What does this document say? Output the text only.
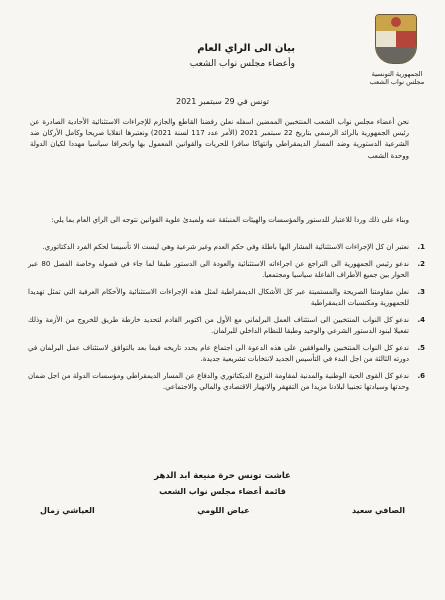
الجمهورية التونسية
مجلس نواب الشعب
بيان الى الراي العام
وأعضاء مجلس نواب الشعب
تونس في 29 سبتمبر 2021

نحن أعضاء مجلس نواب الشعب المنتخبين الممضين اسفله نعلن رفضنا القاطع والجازم للإجراءات الاستثنائية الأحادية الصادرة عن رئيس الجمهورية بالرائد الرسمي بتاريخ 22 سبتمبر 2021 (الأمر عدد 117 لسنة 2021) ونعتبرها انقلابا صريحا وكامل الأركان ضد الشرعية الدستورية وضد المسار الديمقراطي وانتهاكا سافرا للحريات والقوانين المعمول بها وانحرافا سياسيا مهددا لكيان الدولة ووحدة الشعب

وبناء على ذلك وردا للاعتبار للدستور والمؤسسات والهيئات المنبثقة عنه ولمبدئ علوية القوانين نتوجه الى الراي العام بما يلي:

1.
نعتبر ان كل الإجراءات الاستثنائية المشار اليها باطلة وفي حكم العدم وغير شرعية وهي ليست الا تأسيسا لحكم الفرد الدكتاتوري.
2.
ندعو رئيس الجمهورية الى التراجع عن اجراءاته الاستثنائية والعودة الى الدستور طبقا لما جاء في فصوله وخاصة الفصل 80 عبر الحوار بين جميع الأطراف الفاعلة سياسيا ومجتمعيا.
3.
نعلن مقاومتنا الصريحة والمستميتة عبر كل الأشكال الديمقراطية لمثل هذه الإجراءات الاستثنائية والأحكام العرفية التي تمثل تهديدا للجمهورية ومكتسبات الديمقراطية
4.
ندعو كل النواب المنتخبين الى استئناف العمل البرلماني مع الأول من اكتوبر القادم لتحديد خارطة طريق للخروج من الأزمة وذلك تفعيلا لبنود الدستور الشرعي والوحيد وطبقا للنظام الداخلي للبرلمان.
5.
ندعو كل النواب المنتخبين والموافقين على هذه الدعوة الى اجتماع عام يحدد تاريخه فيما بعد بالتوافق لاستئناف عمل البرلمان في دورته الثالثة من اجل البدء في التأسيس الجديد لانتخابات تشريعية جديدة.
6.
ندعو كل القوى الحية الوطنية والمدنية لمقاومة النزوع الديكتاتوري والدفاع عن المسار الديمقراطي ومؤسسات الدولة من اجل ضمان وحدتها وسيادتها تجنيبا لبلادنا مزيدا من التقهقر والانهيار الاقتصادي والمالي والاجتماعي.
عاشت تونس حرة منيعة ابد الدهر
قائمة أعضاء مجلس نواب الشعب
الصافي سعيد
عياض اللومي
العياشي زمال
